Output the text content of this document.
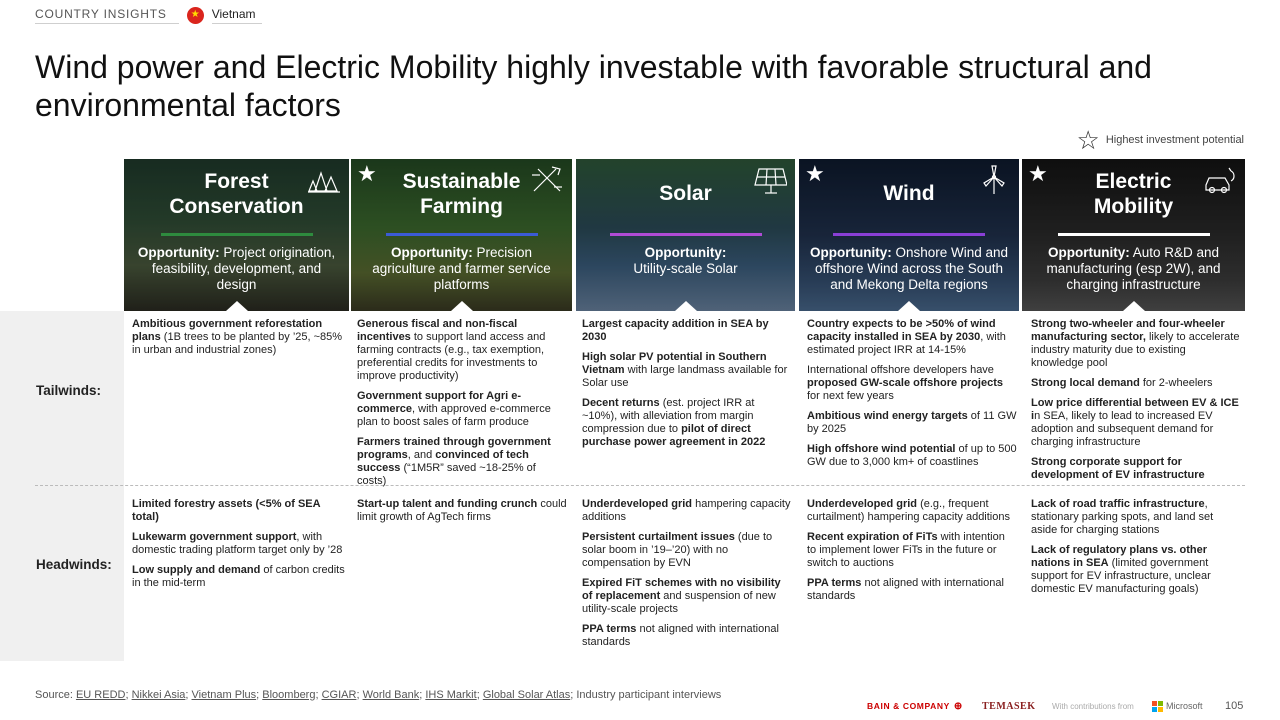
COUNTRY INSIGHTS
★	Vietnam
Wind power and Electric Mobility highly investable with favorable structural and environmental factors
☆ Highest investment potential
Tailwinds:
Headwinds:
Forest
Conservation
Opportunity: Project origination, feasibility, development, and design
★	Sustainable
Farming
Opportunity: Precision agriculture and farmer service platforms
Solar
Opportunity:
Utility-scale Solar
★
Wind
Opportunity: Onshore Wind and offshore Wind across the South and Mekong Delta regions
★	Electric
Mobility
Opportunity: Auto R&D and manufacturing (esp 2W), and charging infrastructure

Ambitious government reforestation plans (1B trees to be planted by ’25, ~85% in urban and industrial zones)

Limited forestry assets (<5% of SEA total)

Lukewarm government support, with domestic trading platform target only by ’28

Low supply and demand of carbon credits in the mid-term

Generous fiscal and non-fiscal incentives to support land access and farming contracts (e.g., tax exemption, preferential credits for investments to improve productivity)

Government support for Agri e-commerce, with approved e-commerce plan to boost sales of farm produce

Farmers trained through government programs, and convinced of tech success (“1M5R” saved ~18-25% of costs)

Start-up talent and funding crunch could limit growth of AgTech firms

Largest capacity addition in SEA by 2030

High solar PV potential in Southern Vietnam with large landmass available for Solar use

Decent returns (est. project IRR at ~10%), with alleviation from margin compression due to pilot of direct purchase power agreement in 2022

Underdeveloped grid hampering capacity additions

Persistent curtailment issues (due to solar boom in ’19–’20) with no compensation by EVN

Expired FiT schemes with no visibility of replacement and suspension of new utility-scale projects

PPA terms not aligned with international standards

Country expects to be >50% of wind capacity installed in SEA by 2030, with estimated project IRR at 14-15%

International offshore developers have proposed GW-scale offshore projects for next few years

Ambitious wind energy targets of 11 GW by 2025

High offshore wind potential of up to 500 GW due to 3,000 km+ of coastlines

Underdeveloped grid (e.g., frequent curtailment) hampering capacity additions

Recent expiration of FiTs with intention to implement lower FiTs in the future or switch to auctions

PPA terms not aligned with international standards

Strong two-wheeler and four-wheeler manufacturing sector, likely to accelerate industry maturity due to existing knowledge pool

Strong local demand for 2-wheelers

Low price differential between EV & ICE in SEA, likely to lead to increased EV adoption and subsequent demand for charging infrastructure

Strong corporate support for development of EV infrastructure

Lack of road traffic infrastructure, stationary parking spots, and land set aside for charging stations

Lack of regulatory plans vs. other nations in SEA (limited government support for EV infrastructure, unclear domestic EV manufacturing goals)

Source: EU REDD; Nikkei Asia; Vietnam Plus; Bloomberg; CGIAR; World Bank; IHS Markit; Global Solar Atlas; Industry participant interviews
BAIN & COMPANY ⊕ TEMASEK With contributions from	Microsoft 105
